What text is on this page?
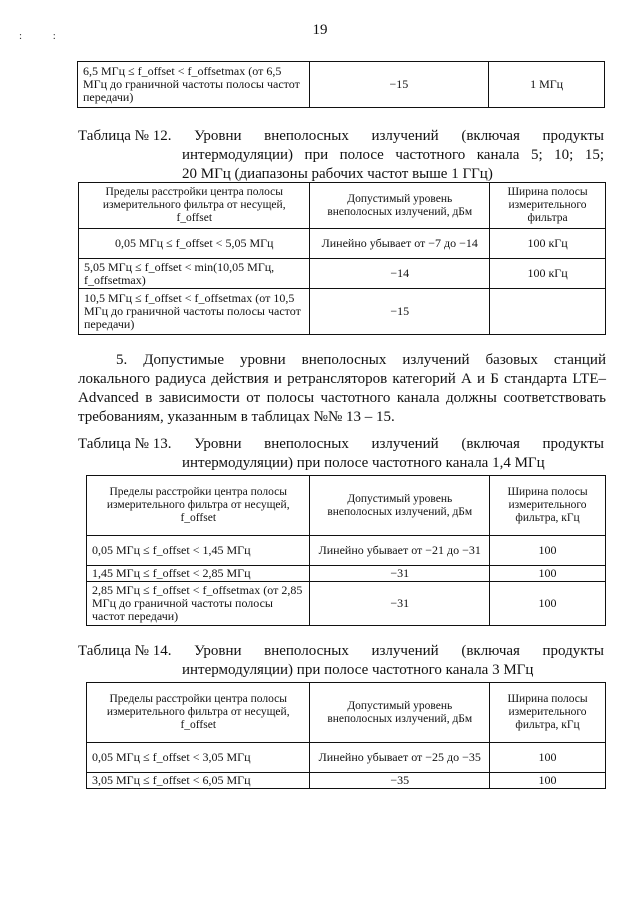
19
: :
6,5 МГц ≤ f_offset < f_offsetmax (от 6,5 МГц до граничной частоты полосы частот передачи)	−15	1 МГц
Таблица № 12. Уровни внеполосных излучений (включая продукты
интермодуляции) при полосе частотного канала 5; 10; 15;
20 МГц (диапазоны рабочих частот выше 1 ГГц)
Пределы расстройки центра полосы измерительного фильтра от несущей, f_offset	Допустимый уровень внеполосных излучений, дБм	Ширина полосы измерительного фильтра
0,05 МГц ≤ f_offset < 5,05 МГц	Линейно убывает от −7 до −14	100 кГц
5,05 МГц ≤ f_offset < min(10,05 МГц, f_offsetmax)	−14	100 кГц
10,5 МГц ≤ f_offset < f_offsetmax (от 10,5 МГц до граничной частоты полосы частот передачи)	−15	
5. Допустимые уровни внеполосных излучений базовых станций локального радиуса действия и ретрансляторов категорий А и Б стандарта LTE–Advanced в зависимости от полосы частотного канала должны соответствовать требованиям, указанным в таблицах №№ 13 – 15.
Таблица № 13. Уровни внеполосных излучений (включая продукты
интермодуляции) при полосе частотного канала 1,4 МГц
Пределы расстройки центра полосы измерительного фильтра от несущей, f_offset	Допустимый уровень внеполосных излучений, дБм	Ширина полосы измерительного фильтра, кГц
0,05 МГц ≤ f_offset < 1,45 МГц	Линейно убывает от −21 до −31	100
1,45 МГц ≤ f_offset < 2,85 МГц	−31	100
2,85 МГц ≤ f_offset < f_offsetmax (от 2,85 МГц до граничной частоты полосы частот передачи)	−31	100
Таблица № 14. Уровни внеполосных излучений (включая продукты
интермодуляции) при полосе частотного канала 3 МГц
Пределы расстройки центра полосы измерительного фильтра от несущей, f_offset	Допустимый уровень внеполосных излучений, дБм	Ширина полосы измерительного фильтра, кГц
0,05 МГц ≤ f_offset < 3,05 МГц	Линейно убывает от −25 до −35	100
3,05 МГц ≤ f_offset < 6,05 МГц	−35	100
